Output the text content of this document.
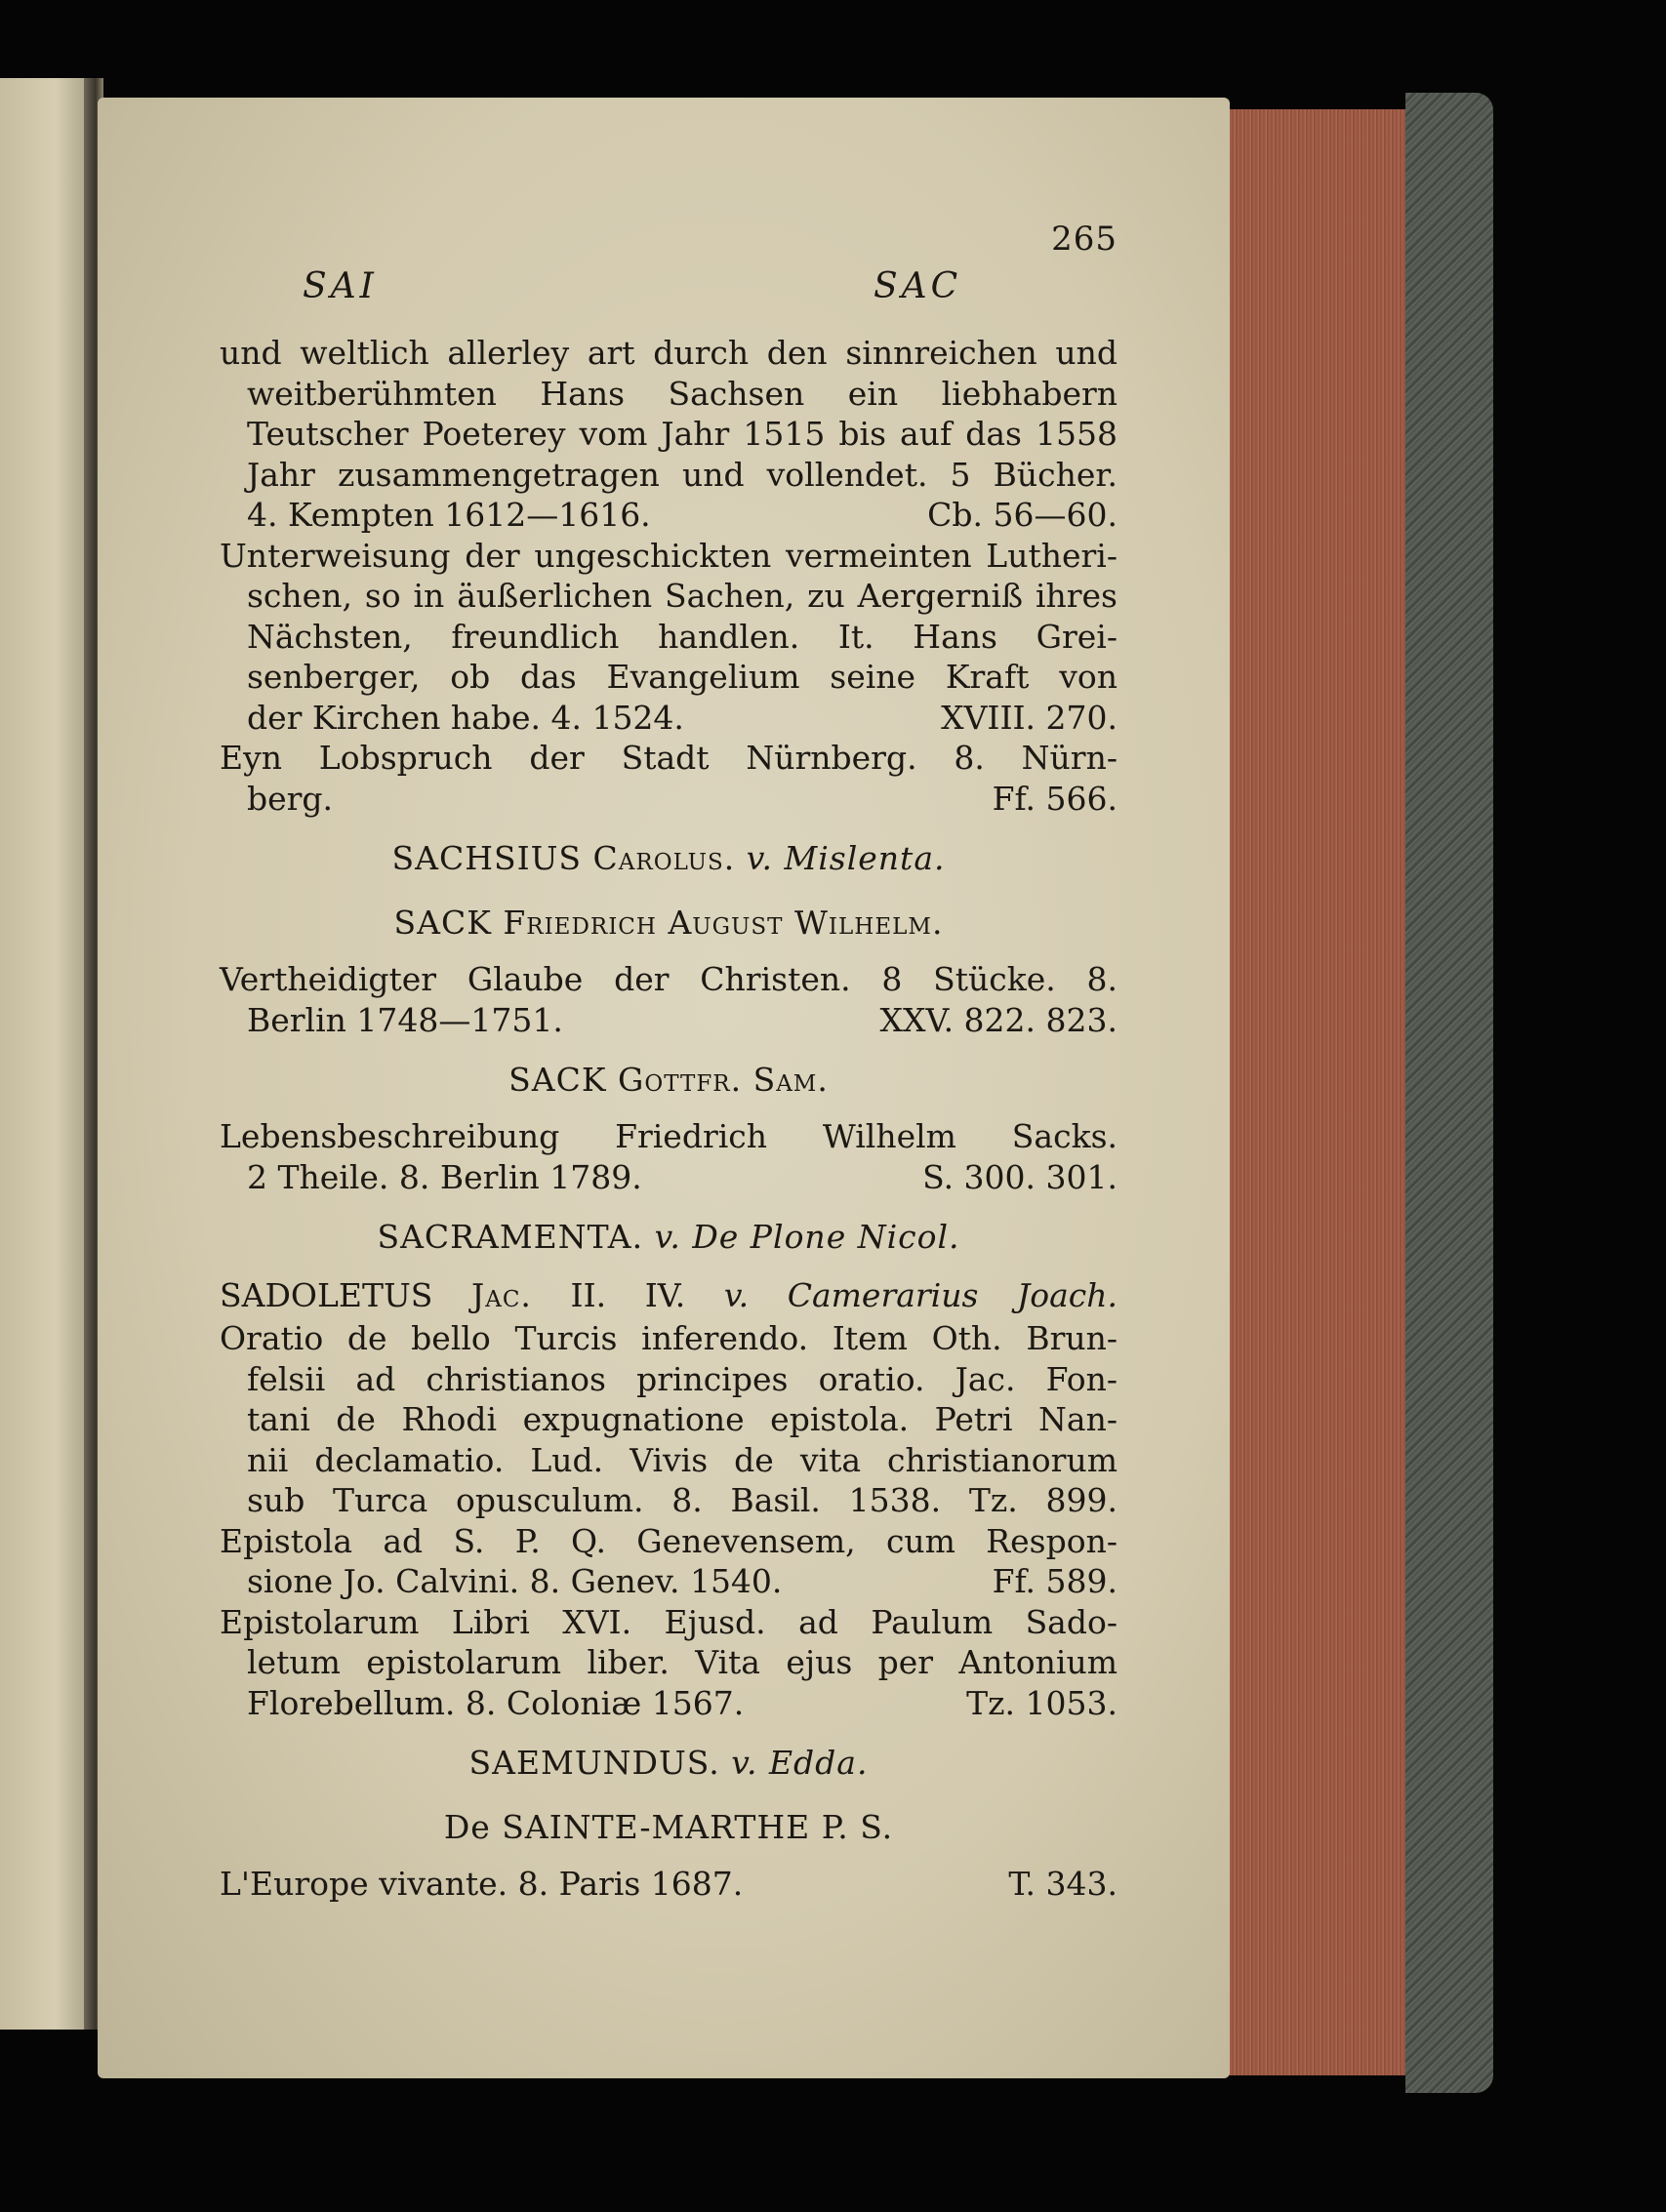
265
SAI	SAC
und weltlich allerley art durch den sinnreichen und
weitberühmten Hans Sachsen ein liebhabern
Teutscher Poeterey vom Jahr 1515 bis auf das 1558
Jahr zusammengetragen und vollendet. 5 Bücher.
4. Kempten 1612—1616.	Cb. 56—60.
Unterweisung der ungeschickten vermeinten Lutheri-
schen, so in äußerlichen Sachen, zu Aergerniß ihres
Nächsten, freundlich handlen. It. Hans Grei-
senberger, ob das Evangelium seine Kraft von
der Kirchen habe. 4. 1524.	XVIII. 270.
Eyn Lobspruch der Stadt Nürnberg. 8. Nürn-
berg.	Ff. 566.
SACHSIUS Carolus. v. Mislenta.
SACK Friedrich August Wilhelm.
Vertheidigter Glaube der Christen. 8 Stücke. 8.
Berlin 1748—1751.	XXV. 822. 823.
SACK Gottfr. Sam.
Lebensbeschreibung Friedrich Wilhelm Sacks.
2 Theile. 8. Berlin 1789.	S. 300. 301.
SACRAMENTA. v. De Plone Nicol.
SADOLETUS Jac. II. IV. v. Camerarius Joach.
Oratio de bello Turcis inferendo. Item Oth. Brun-
felsii ad christianos principes oratio. Jac. Fon-
tani de Rhodi expugnatione epistola. Petri Nan-
nii declamatio. Lud. Vivis de vita christianorum
sub Turca opusculum. 8. Basil. 1538. Tz. 899.
Epistola ad S. P. Q. Genevensem, cum Respon-
sione Jo. Calvini. 8. Genev. 1540.	Ff. 589.
Epistolarum Libri XVI. Ejusd. ad Paulum Sado-
letum epistolarum liber. Vita ejus per Antonium
Florebellum. 8. Coloniæ 1567.	Tz. 1053.
SAEMUNDUS. v. Edda.
De SAINTE-MARTHE P. S.
L'Europe vivante. 8. Paris 1687.	T. 343.
